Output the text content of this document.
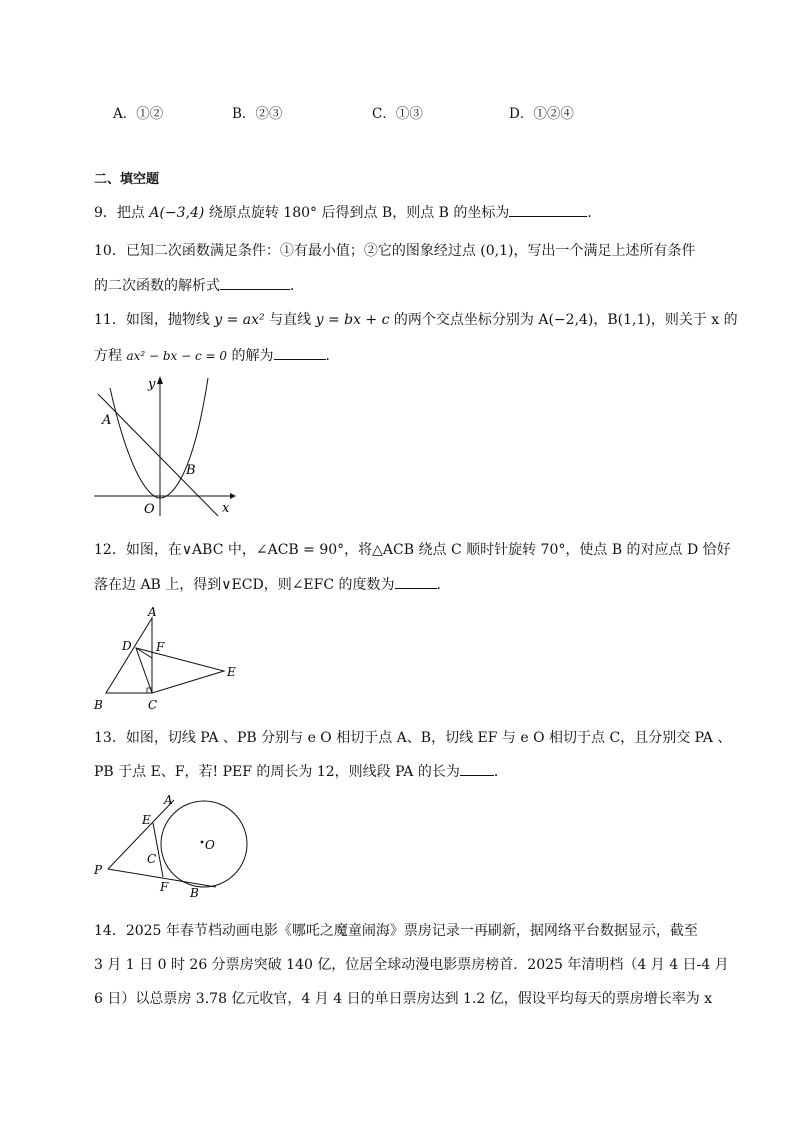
A．①②	B．②③	C．①③	D．①②④
二、填空题
9．把点 A(−3,4) 绕原点旋转 180° 后得到点 B，则点 B 的坐标为	．
10．已知二次函数满足条件：①有最小值；②它的图象经过点 (0,1)，写出一个满足上述所有条件
的二次函数的解析式	．
11．如图，抛物线 y = ax² 与直线 y = bx + c 的两个交点坐标分别为 A(−2,4)，B(1,1)，则关于 x 的
方程 ax² − bx − c = 0 的解为	．
y
x
O
A
B
12．如图，在∨ABC 中，∠ACB = 90°，将△ACB 绕点 C 顺时针旋转 70°，使点 B 的对应点 D 恰好
落在边 AB 上，得到∨ECD，则∠EFC 的度数为	．
A
B	C
D
E
F
13．如图，切线 PA 、PB 分别与 e O 相切于点 A、B，切线 EF 与 e O 相切于点 C，且分别交 PA 、
PB 于点 E、F，若! PEF 的周长为 12，则线段 PA 的长为 ．
O
A
E
C
P
F B
14．2025 年春节档动画电影《哪吒之魔童闹海》票房记录一再刷新，据网络平台数据显示，截至
3 月 1 日 0 时 26 分票房突破 140 亿，位居全球动漫电影票房榜首．2025 年清明档（4 月 4 日-4 月
6 日）以总票房 3.78 亿元收官，4 月 4 日的单日票房达到 1.2 亿，假设平均每天的票房增长率为 x
